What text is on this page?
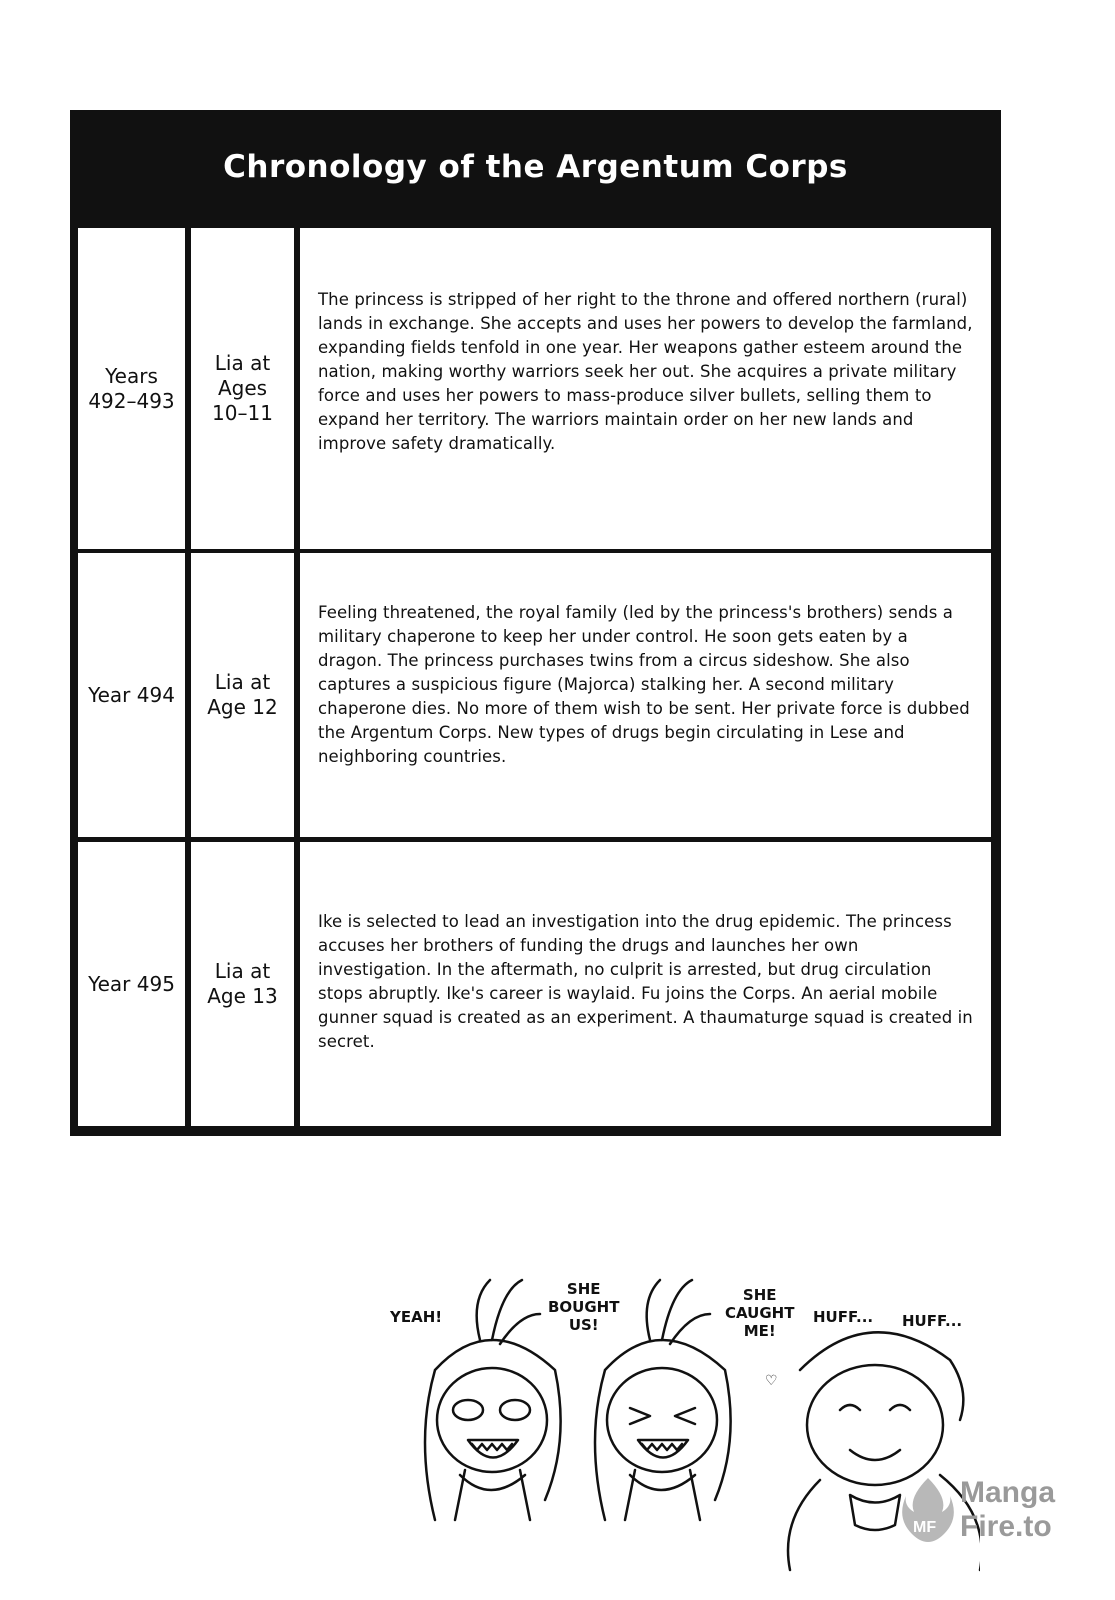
Chronology of the Argentum Corps
Years
492–493
Lia at
Ages
10–11
The princess is stripped of her right to the throne and offered northern (rural) lands in exchange. She accepts and uses her powers to develop the farmland, expanding fields tenfold in one year. Her weapons gather esteem around the nation, making worthy warriors seek her out. She acquires a private military force and uses her powers to mass-produce silver bullets, selling them to expand her territory. The warriors maintain order on her new lands and improve safety dramatically.
Year 494
Lia at
Age 12
Feeling threatened, the royal family (led by the princess's brothers) sends a military chaperone to keep her under control. He soon gets eaten by a dragon. The princess purchases twins from a circus sideshow. She also captures a suspicious figure (Majorca) stalking her. A second military chaperone dies. No more of them wish to be sent. Her private force is dubbed the Argentum Corps. New types of drugs begin circulating in Lese and neighboring countries.
Year 495
Lia at
Age 13
Ike is selected to lead an investigation into the drug epidemic. The princess accuses her brothers of funding the drugs and launches her own investigation. In the aftermath, no culprit is arrested, but drug circulation stops abruptly. Ike's career is waylaid. Fu joins the Corps. An aerial mobile gunner squad is created as an experiment. A thaumaturge squad is created in secret.
YEAH!
SHE
BOUGHT
US!
SHE
CAUGHT
ME!
HUFF... HUFF...
♡
MF
Manga
Fire.to
